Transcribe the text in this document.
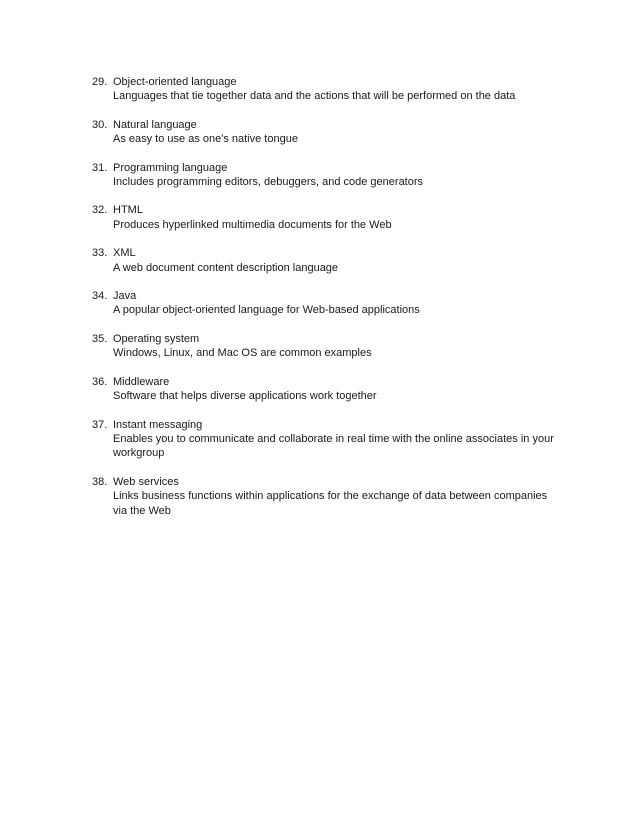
29. Object-oriented language
Languages that tie together data and the actions that will be performed on the data
30. Natural language
As easy to use as one's native tongue
31. Programming language
Includes programming editors, debuggers, and code generators
32. HTML
Produces hyperlinked multimedia documents for the Web
33. XML
A web document content description language
34. Java
A popular object-oriented language for Web-based applications
35. Operating system
Windows, Linux, and Mac OS are common examples
36. Middleware
Software that helps diverse applications work together
37. Instant messaging
Enables you to communicate and collaborate in real time with the online associates in your workgroup
38. Web services
Links business functions within applications for the exchange of data between companies via the Web
